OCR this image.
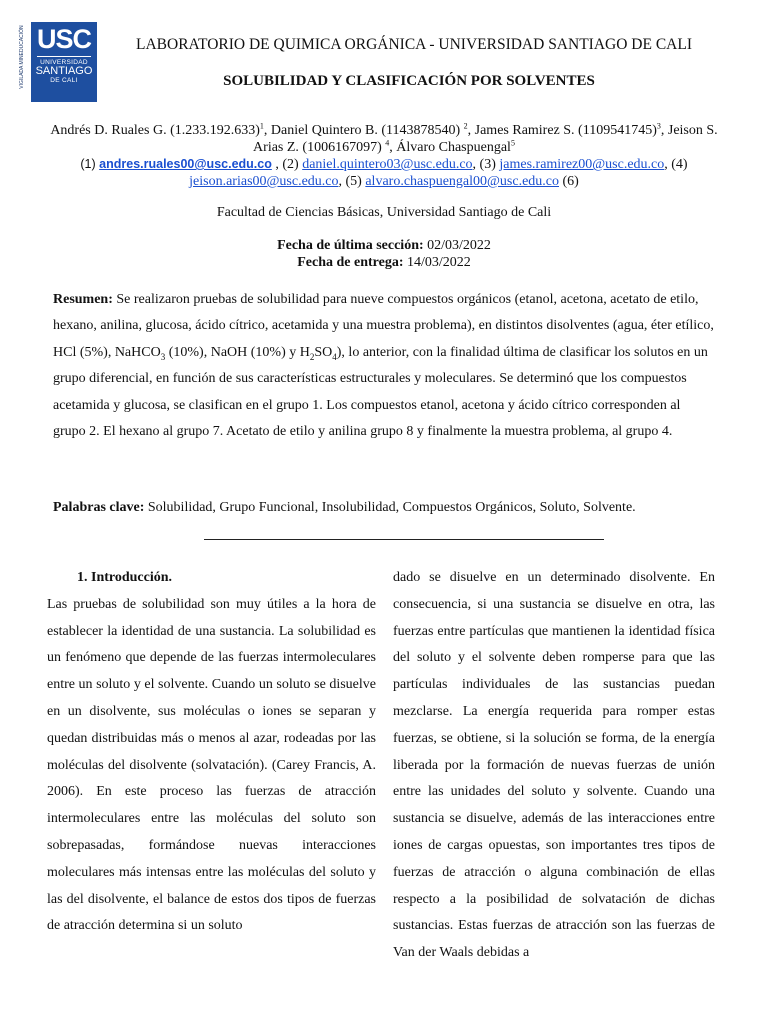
VIGILADA MINEDUCACIÓN USC
UNIVERSIDAD
SANTIAGO
DE CALI
LABORATORIO DE QUIMICA ORGÁNICA - UNIVERSIDAD SANTIAGO DE CALI
SOLUBILIDAD Y CLASIFICACIÓN POR SOLVENTES
Andrés D. Ruales G. $(1.233.192.633)^1$, Daniel Quintero B. (1143878540) $^2$, James Ramirez S. $(1109541745)^3$, Jeison S. Arias Z. (1006167097) $^4$, Álvaro Chaspuengal$^5$
(1) andres.ruales00@usc.edu.co , (2) daniel.quintero03@usc.edu.co, (3) james.ramirez00@usc.edu.co, (4)
jeison.arias00@usc.edu.co, (5) alvaro.chaspuengal00@usc.edu.co (6)
Facultad de Ciencias Básicas, Universidad Santiago de Cali
Fecha de última sección: 02/03/2022
Fecha de entrega: 14/03/2022
Resumen: Se realizaron pruebas de solubilidad para nueve compuestos orgánicos (etanol, acetona, acetato de etilo, hexano, anilina, glucosa, ácido cítrico, acetamida y una muestra problema), en distintos disolventes (agua, éter etílico, HCl (5%), NaHCO$_3$ (10%), NaOH (10%) y $H_2SO_4$), lo anterior, con la finalidad última de clasificar los solutos en un grupo diferencial, en función de sus características estructurales y moleculares. Se determinó que los compuestos acetamida y glucosa, se clasifican en el grupo 1. Los compuestos etanol, acetona y ácido cítrico corresponden al grupo 2. El hexano al grupo 7. Acetato de etilo y anilina grupo 8 y finalmente la muestra problema, al grupo 4.
Palabras clave: Solubilidad, Grupo Funcional, Insolubilidad, Compuestos Orgánicos, Soluto, Solvente.
1. Introducción.

Las pruebas de solubilidad son muy útiles a la hora de establecer la identidad de una sustancia. La solubilidad es un fenómeno que depende de las fuerzas intermoleculares entre un soluto y el solvente. Cuando un soluto se disuelve en un disolvente, sus moléculas o iones se separan y quedan distribuidas más o menos al azar, rodeadas por las moléculas del disolvente (solvatación). (Carey Francis, A. 2006). En este proceso las fuerzas de atracción intermoleculares entre las moléculas del soluto son sobrepasadas, formándose nuevas interacciones moleculares más intensas entre las moléculas del soluto y las del disolvente, el balance de estos dos tipos de fuerzas de atracción determina si un soluto

dado se disuelve en un determinado disolvente. En consecuencia, si una sustancia se disuelve en otra, las fuerzas entre partículas que mantienen la identidad física del soluto y el solvente deben romperse para que las partículas individuales de las sustancias puedan mezclarse. La energía requerida para romper estas fuerzas, se obtiene, si la solución se forma, de la energía liberada por la formación de nuevas fuerzas de unión entre las unidades del soluto y solvente. Cuando una sustancia se disuelve, además de las interacciones entre iones de cargas opuestas, son importantes tres tipos de fuerzas de atracción o alguna combinación de ellas respecto a la posibilidad de solvatación de dichas sustancias. Estas fuerzas de atracción son las fuerzas de Van der Waals debidas a
